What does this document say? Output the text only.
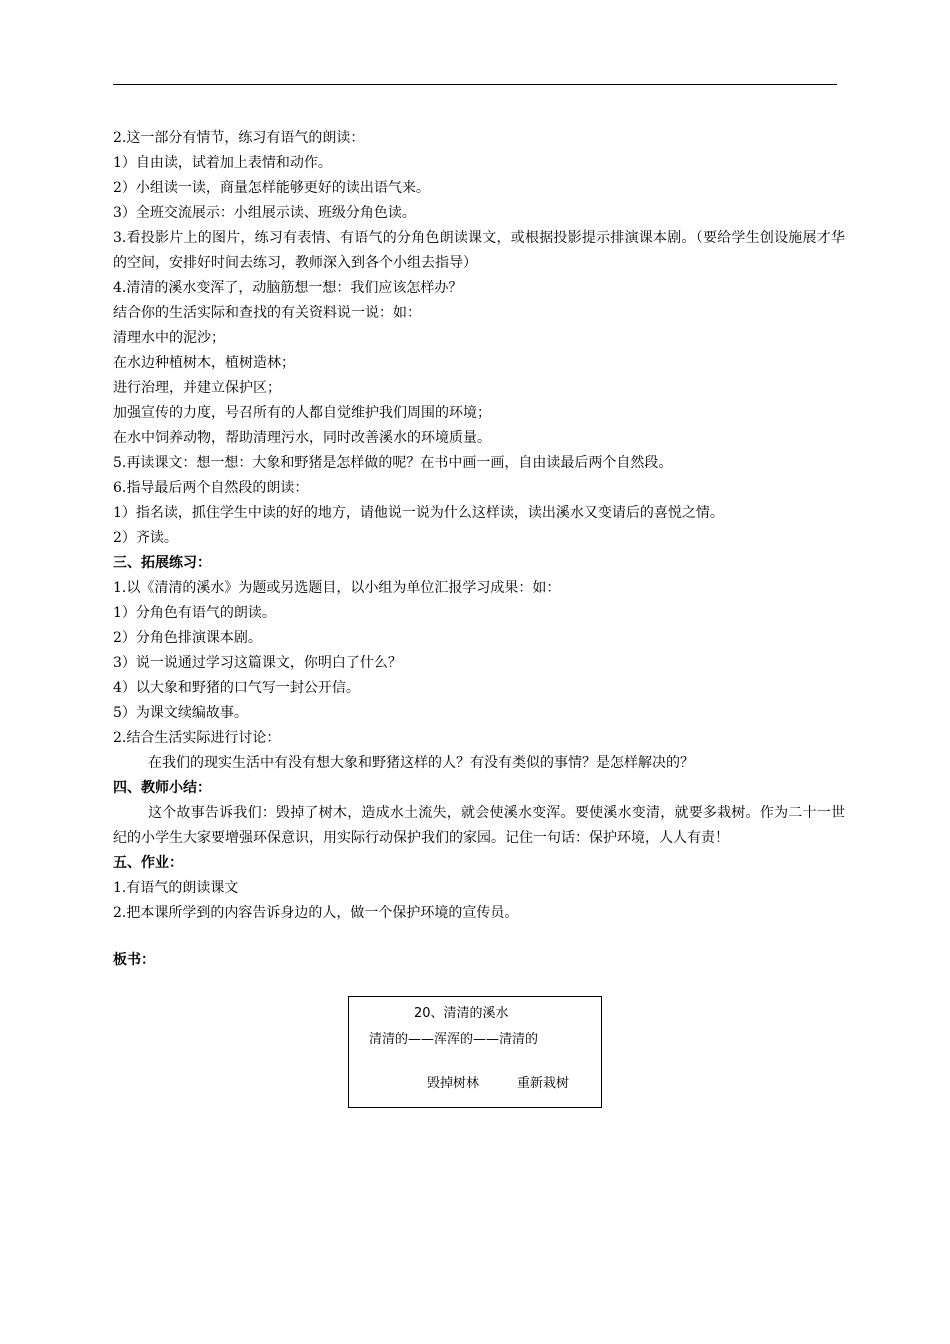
2.这一部分有情节，练习有语气的朗读：
1）自由读，试着加上表情和动作。
2）小组读一读，商量怎样能够更好的读出语气来。
3）全班交流展示：小组展示读、班级分角色读。
3.看投影片上的图片，练习有表情、有语气的分角色朗读课文，或根据投影提示排演课本剧。（要给学生创设施展才华的空间，安排好时间去练习，教师深入到各个小组去指导）
4.清清的溪水变浑了，动脑筋想一想：我们应该怎样办？
结合你的生活实际和查找的有关资料说一说：如：
清理水中的泥沙；
在水边种植树木，植树造林；
进行治理，并建立保护区；
加强宣传的力度，号召所有的人都自觉维护我们周围的环境；
在水中饲养动物，帮助清理污水，同时改善溪水的环境质量。
5.再读课文：想一想：大象和野猪是怎样做的呢？在书中画一画，自由读最后两个自然段。
6.指导最后两个自然段的朗读：
1）指名读，抓住学生中读的好的地方，请他说一说为什么这样读，读出溪水又变请后的喜悦之情。
2）齐读。
三、拓展练习：
1.以《清清的溪水》为题或另选题目，以小组为单位汇报学习成果：如：
1）分角色有语气的朗读。
2）分角色排演课本剧。
3）说一说通过学习这篇课文，你明白了什么？
4）以大象和野猪的口气写一封公开信。
5）为课文续编故事。
2.结合生活实际进行讨论：
在我们的现实生活中有没有想大象和野猪这样的人？有没有类似的事情？是怎样解决的？
四、教师小结：
这个故事告诉我们：毁掉了树木，造成水土流失，就会使溪水变浑。要使溪水变清，就要多栽树。作为二十一世纪的小学生大家要增强环保意识，用实际行动保护我们的家园。记住一句话：保护环境，人人有责！
五、作业：
1.有语气的朗读课文
2.把本课所学到的内容告诉身边的人，做一个保护环境的宣传员。
板书：
20、清清的溪水
清清的——浑浑的——清清的
毁掉树林	重新栽树
